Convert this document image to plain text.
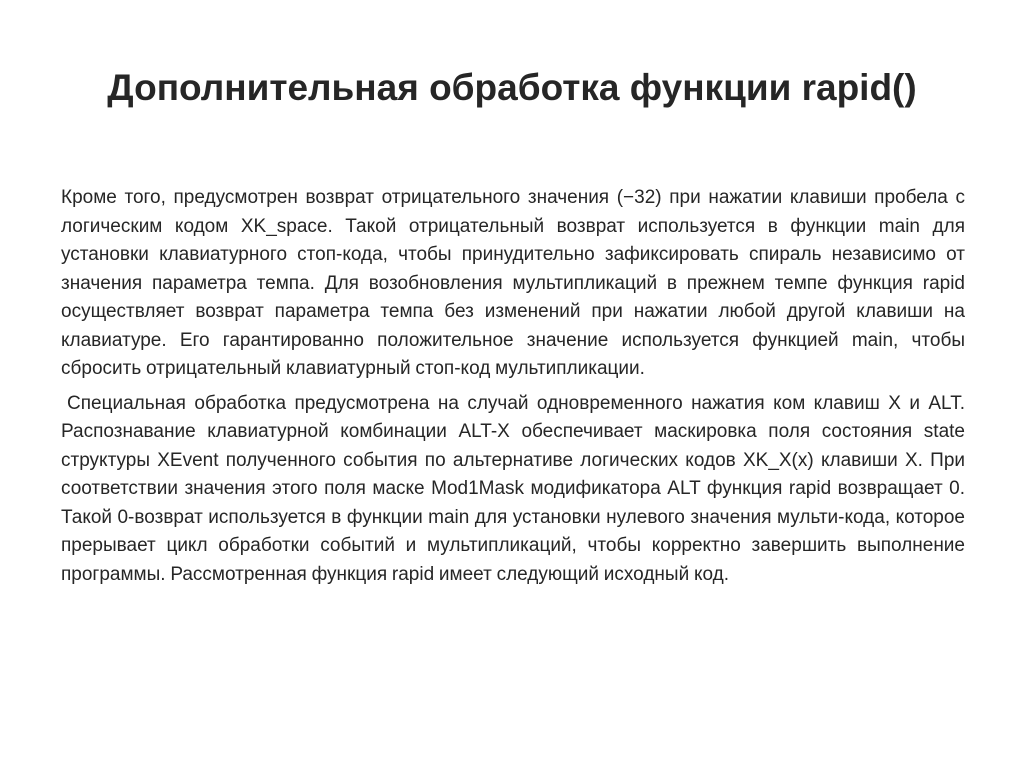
Дополнительная обработка функции rapid()

Кроме того, предусмотрен возврат отрицательного значения (−32) при нажатии клавиши пробела с логическим кодом XK_space. Такой отрицательный возврат используется в функции main для установки клавиатурного стоп-кода, чтобы принудительно зафиксировать спираль независимо от значения параметра темпа. Для возобновления мультипликаций в прежнем темпе функция rapid осуществляет возврат параметра темпа без изменений при нажатии любой другой клавиши на клавиатуре. Его гарантированно положительное значение используется функцией main, чтобы сбросить отрицательный клавиатурный стоп-код мультипликации.

Специальная обработка предусмотрена на случай одновременного нажатия ком клавиш X и ALT. Распознавание клавиатурной комбинации ALT-X обеспечивает маскировка поля состояния state структуры XEvent полученного события по альтернативе логических кодов XK_X(x) клавиши X. При соответствии значения этого поля маске Mod1Mask модификатора ALT функция rapid возвращает 0. Такой 0-возврат используется в функции main для установки нулевого значения мульти-кода, которое прерывает цикл обработки событий и мультипликаций, чтобы корректно завершить выполнение программы. Рассмотренная функция rapid имеет следующий исходный код.
